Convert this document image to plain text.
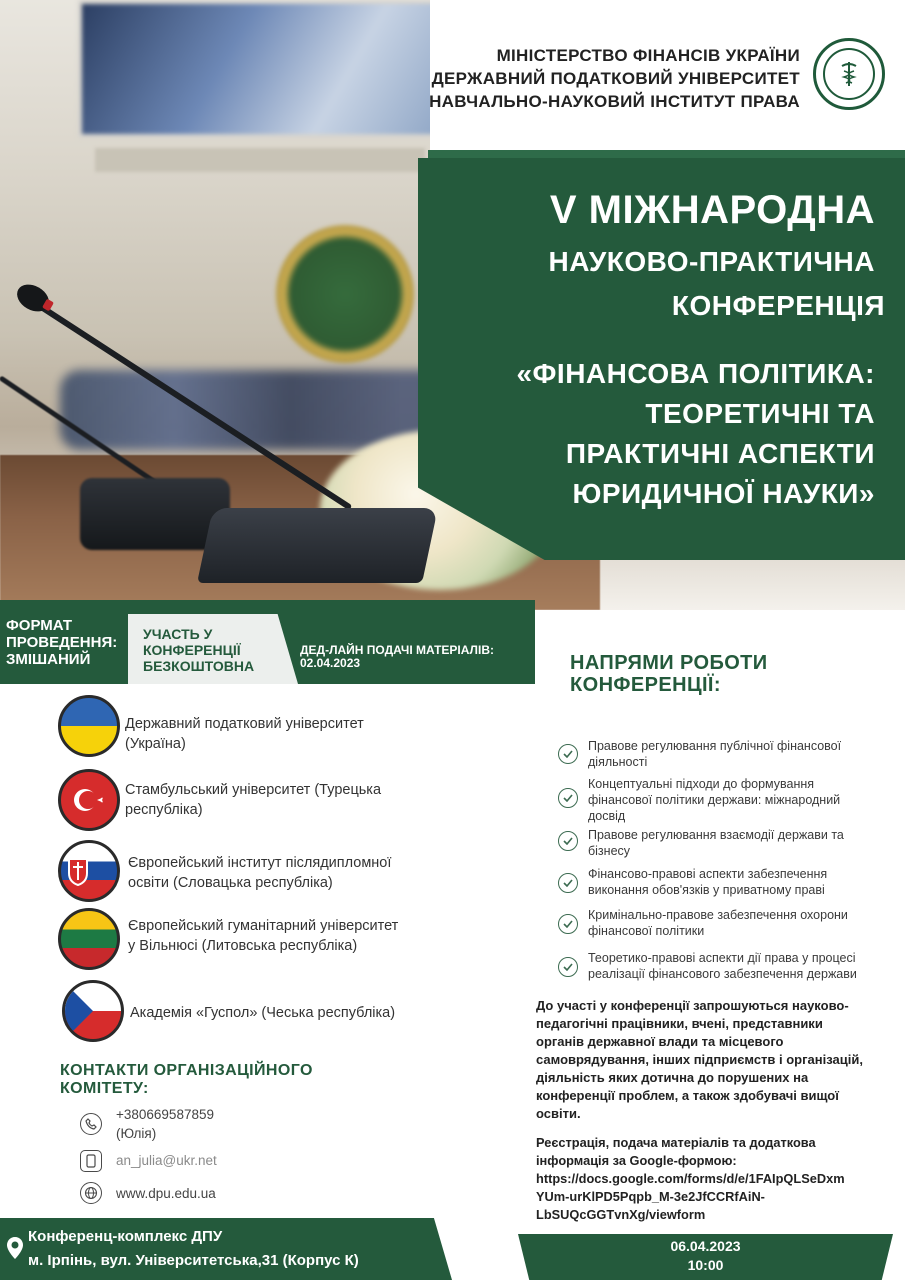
МІНІСТЕРСТВО ФІНАНСІВ УКРАЇНИ
ДЕРЖАВНИЙ ПОДАТКОВИЙ УНІВЕРСИТЕТ
НАВЧАЛЬНО-НАУКОВИЙ ІНСТИТУТ ПРАВА
V МІЖНАРОДНА
НАУКОВО-ПРАКТИЧНА
КОНФЕРЕНЦІЯ
«ФІНАНСОВА ПОЛІТИКА:
ТЕОРЕТИЧНІ ТА
ПРАКТИЧНІ АСПЕКТИ
ЮРИДИЧНОЇ НАУКИ»
ФОРМАТ
ПРОВЕДЕННЯ:
ЗМІШАНИЙ
УЧАСТЬ У
КОНФЕРЕНЦІЇ
БЕЗКОШТОВНА
ДЕД-ЛАЙН ПОДАЧІ МАТЕРІАЛІВ:
02.04.2023
Державний податковий університет (Україна)
Стамбульський університет (Турецька
республіка)
Європейський інститут післядипломної
освіти (Словацька республіка)
Європейський гуманітарний університет
у Вільнюсі (Литовська республіка)
Академія «Гуспол» (Чеська республіка)
КОНТАКТИ ОРГАНІЗАЦІЙНОГО
КОМІТЕТУ:
+380669587859
(Юлія)
an_julia@ukr.net
www.dpu.edu.ua
НАПРЯМИ РОБОТИ
КОНФЕРЕНЦІЇ:
Правове регулювання публічної фінансової
діяльності
Концептуальні підходи до формування
фінансової політики держави: міжнародний
досвід
Правове регулювання взаємодії держави та
бізнесу
Фінансово-правові аспекти забезпечення
виконання обов'язків у приватному праві
Кримінально-правове забезпечення охорони
фінансової політики
Теоретико-правові аспекти дії права у процесі
реалізації фінансового забезпечення держави
До участі у конференції запрошуються науково-
педагогічні працівники, вчені, представники
органів державної влади та місцевого
самоврядування, інших підприємств і організацій,
діяльність яких дотична до порушених на
конференції проблем, а також здобувачі вищої
освіти.
Реєстрація, подача матеріалів та додаткова
інформація за Google-формою:
https://docs.google.com/forms/d/e/1FAIpQLSeDxm
YUm-urKlPD5Pqpb_M-3e2JfCCRfAiN-
LbSUQcGGTvnXg/viewform
Конференц-комплекс ДПУ
м. Ірпінь, вул. Університетська,31 (Корпус К)
06.04.2023
10:00
